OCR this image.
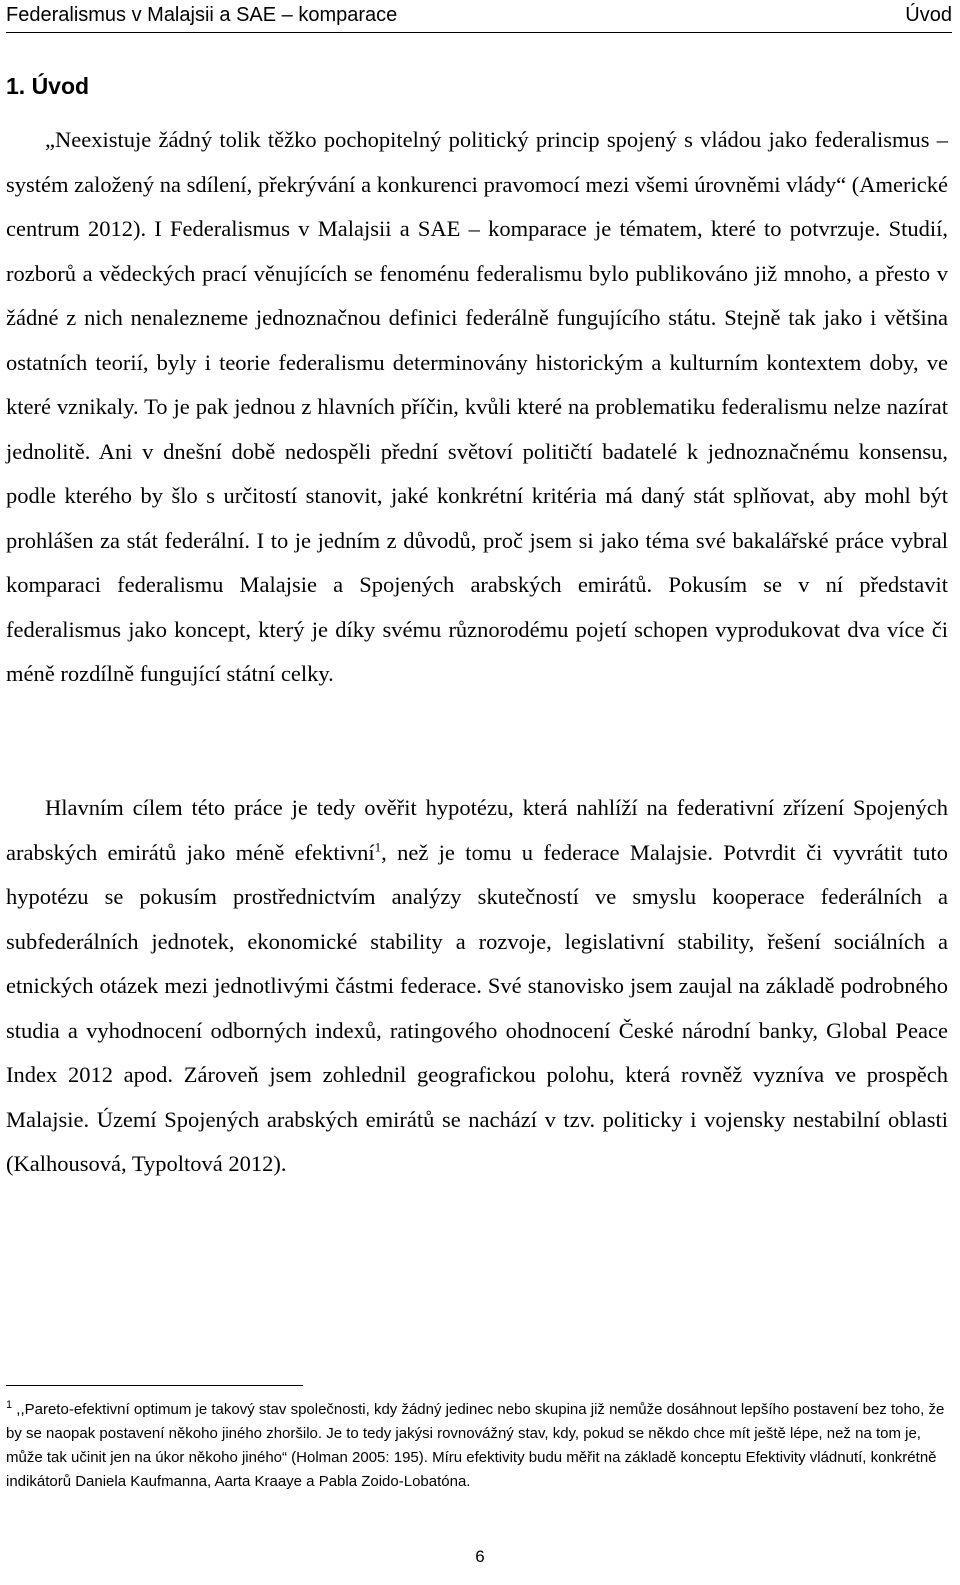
Federalismus v Malajsii a SAE – komparace	Úvod
1. Úvod

„Neexistuje žádný tolik těžko pochopitelný politický princip spojený s vládou jako federalismus – systém založený na sdílení, překrývání a konkurenci pravomocí mezi všemi úrovněmi vlády“ (Americké centrum 2012). I Federalismus v Malajsii a SAE – komparace je tématem, které to potvrzuje. Studií, rozborů a vědeckých prací věnujících se fenoménu federalismu bylo publikováno již mnoho, a přesto v žádné z nich nenalezneme jednoznačnou definici federálně fungujícího státu. Stejně tak jako i většina ostatních teorií, byly i teorie federalismu determinovány historickým a kulturním kontextem doby, ve které vznikaly. To je pak jednou z hlavních příčin, kvůli které na problematiku federalismu nelze nazírat jednolitě. Ani v dnešní době nedospěli přední světoví političtí badatelé k jednoznačnému konsensu, podle kterého by šlo s určitostí stanovit, jaké konkrétní kritéria má daný stát splňovat, aby mohl být prohlášen za stát federální. I to je jedním z důvodů, proč jsem si jako téma své bakalářské práce vybral komparaci federalismu Malajsie a Spojených arabských emirátů. Pokusím se v ní představit federalismus jako koncept, který je díky svému různorodému pojetí schopen vyprodukovat dva více či méně rozdílně fungující státní celky.

Hlavním cílem této práce je tedy ověřit hypotézu, která nahlíží na federativní zřízení Spojených arabských emirátů jako méně efektivní$^1$, než je tomu u federace Malajsie. Potvrdit či vyvrátit tuto hypotézu se pokusím prostřednictvím analýzy skutečností ve smyslu kooperace federálních a subfederálních jednotek, ekonomické stability a rozvoje, legislativní stability, řešení sociálních a etnických otázek mezi jednotlivými částmi federace. Své stanovisko jsem zaujal na základě podrobného studia a vyhodnocení odborných indexů, ratingového ohodnocení České národní banky, Global Peace Index 2012 apod. Zároveň jsem zohlednil geografickou polohu, která rovněž vyzníva ve prospěch Malajsie. Území Spojených arabských emirátů se nachází v tzv. politicky i vojensky nestabilní oblasti (Kalhousová, Typoltová 2012).

$^1$ ,,Pareto-efektivní optimum je takový stav společnosti, kdy žádný jedinec nebo skupina již nemůže dosáhnout lepšího postavení bez toho, že by se naopak postavení někoho jiného zhoršilo. Je to tedy jakýsi rovnovážný stav, kdy, pokud se někdo chce mít ještě lépe, než na tom je, může tak učinit jen na úkor někoho jiného“ (Holman 2005: 195). Míru efektivity budu měřit na základě konceptu Efektivity vládnutí, konkrétně indikátorů Daniela Kaufmanna, Aarta Kraaye a Pabla Zoido-Lobatóna.

6
